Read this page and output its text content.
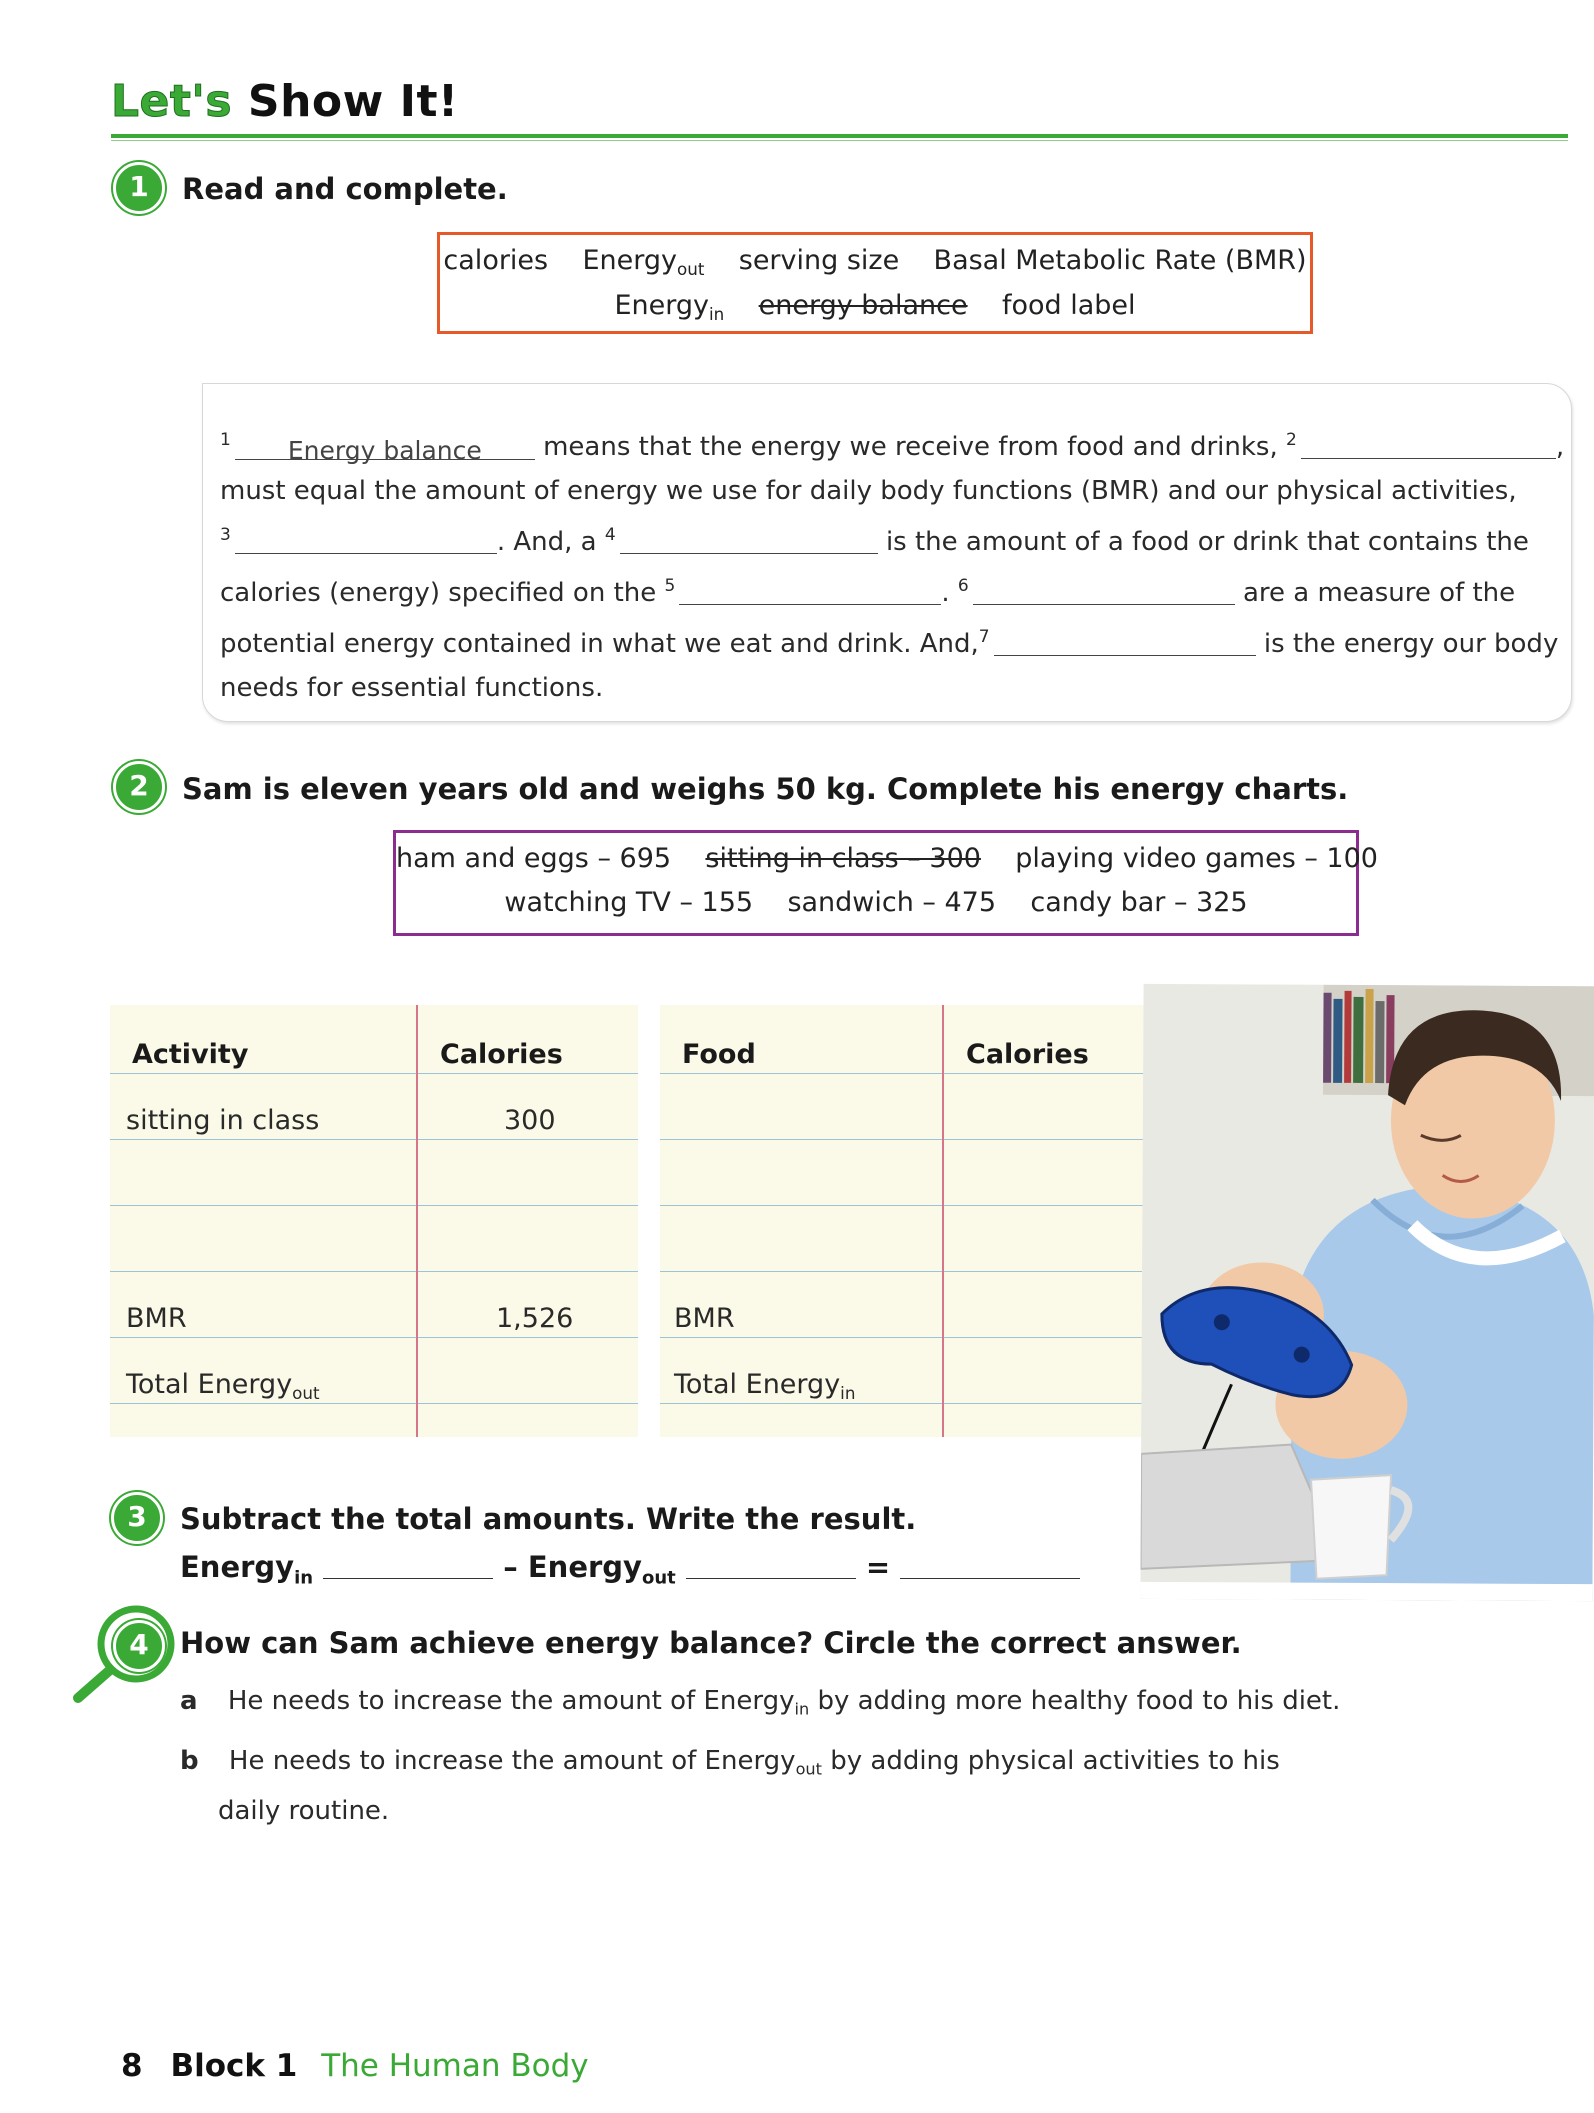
Let's Show It!
1	Read and complete.
calories Energy$_{out}$ serving size Basal Metabolic Rate (BMR)
Energy$_{in}$ energy balance food label
$^1$ Energy balance means that the energy we receive from food and drinks, $^2$	,
must equal the amount of energy we use for daily body functions (BMR) and our physical activities,
$^3$	. And, a $^4$	is the amount of a food or drink that contains the
calories (energy) specified on the $^5$	. $^6$	are a measure of the
potential energy contained in what we eat and drink. And,$^7$	is the energy our body
needs for essential functions.
2	Sam is eleven years old and weighs 50 kg. Complete his energy charts.
ham and eggs – 695 sitting in class – 300 playing video games – 100
watching TV – 155 sandwich – 475 candy bar – 325
Activity	Calories
sitting in class	300
BMR	1,526
Total Energy$_{out}$
Food	Calories
BMR
Total Energy$_{in}$
3	Subtract the total amounts. Write the result.
Energy$_{in}$	– Energy$_{out}$	=
4	How can Sam achieve energy balance? Circle the correct answer.
a He needs to increase the amount of Energy$_{in}$ by adding more healthy food to his diet.
b He needs to increase the amount of Energy$_{out}$ by adding physical activities to his
daily routine.
8 Block 1 The Human Body
